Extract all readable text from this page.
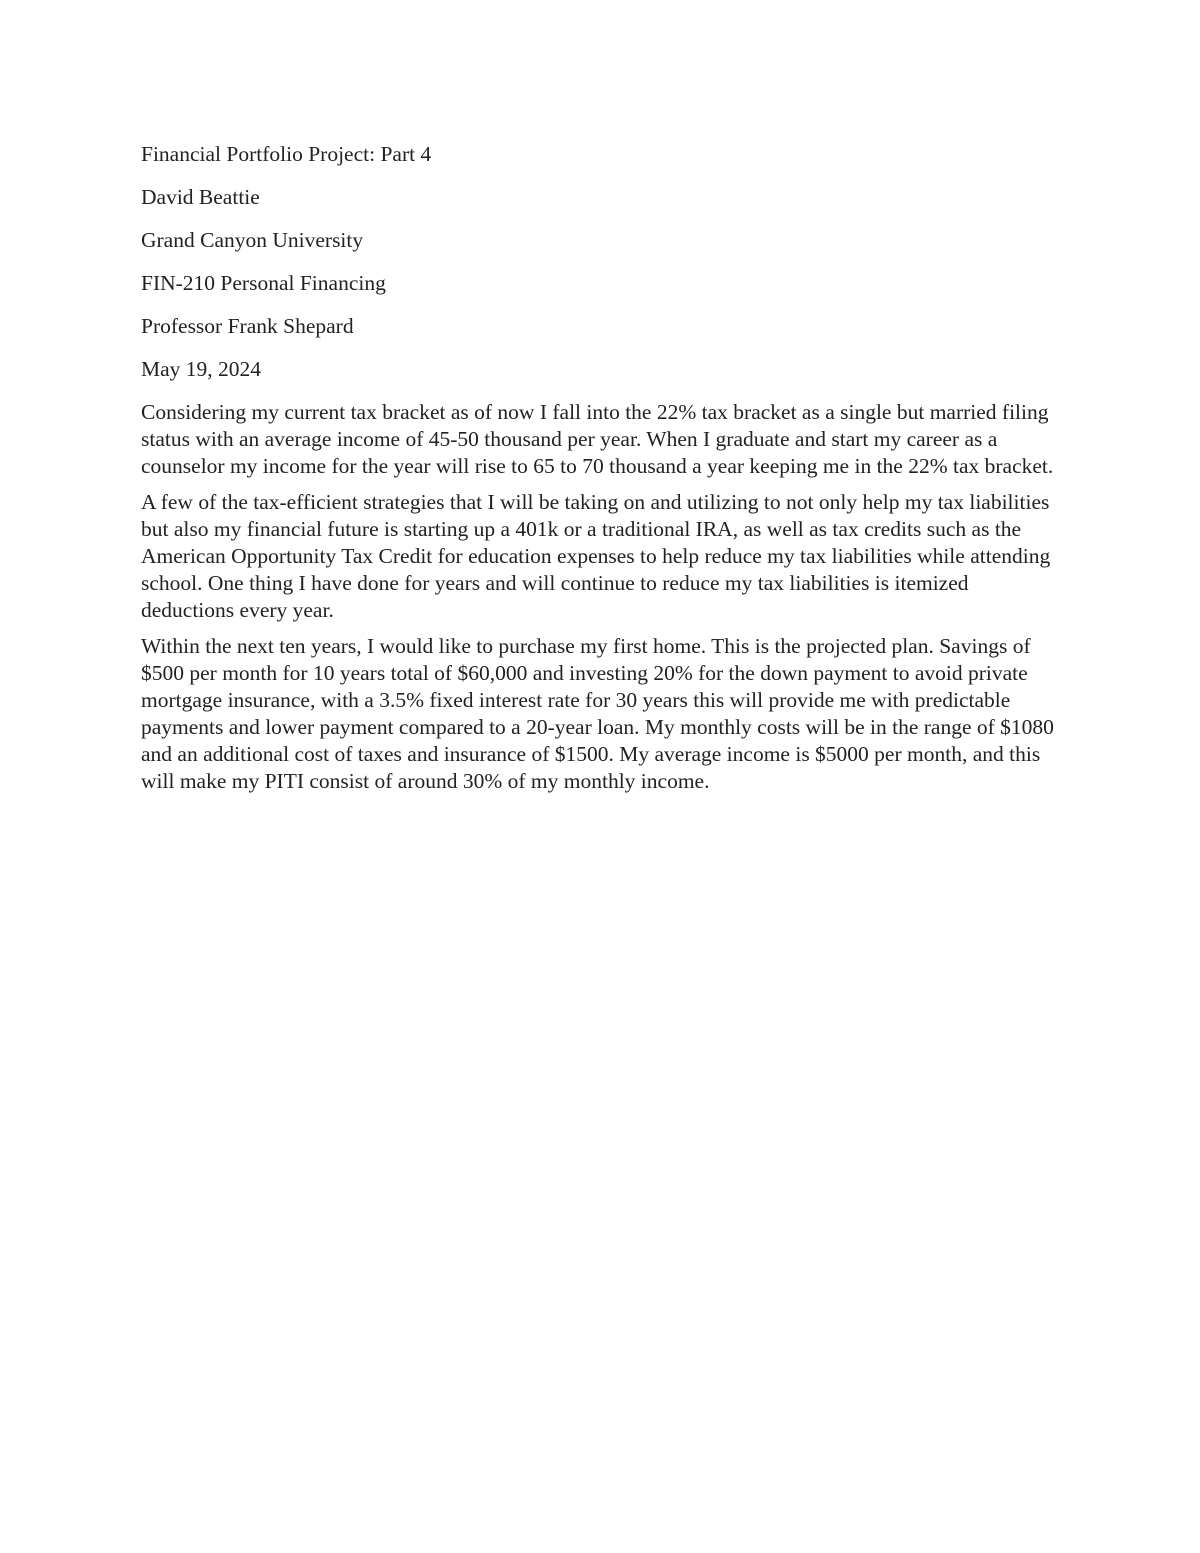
Financial Portfolio Project: Part 4
David Beattie
Grand Canyon University
FIN-210 Personal Financing
Professor Frank Shepard
May 19, 2024

Considering my current tax bracket as of now I fall into the 22% tax bracket as a single but married filing status with an average income of 45-50 thousand per year. When I graduate and start my career as a counselor my income for the year will rise to 65 to 70 thousand a year keeping me in the 22% tax bracket.

A few of the tax-efficient strategies that I will be taking on and utilizing to not only help my tax liabilities but also my financial future is starting up a 401k or a traditional IRA, as well as tax credits such as the American Opportunity Tax Credit for education expenses to help reduce my tax liabilities while attending school. One thing I have done for years and will continue to reduce my tax liabilities is itemized deductions every year.

Within the next ten years, I would like to purchase my first home. This is the projected plan. Savings of $500 per month for 10 years total of $60,000 and investing 20% for the down payment to avoid private mortgage insurance, with a 3.5% fixed interest rate for 30 years this will provide me with predictable payments and lower payment compared to a 20-year loan. My monthly costs will be in the range of $1080 and an additional cost of taxes and insurance of $1500. My average income is $5000 per month, and this will make my PITI consist of around 30% of my monthly income.
